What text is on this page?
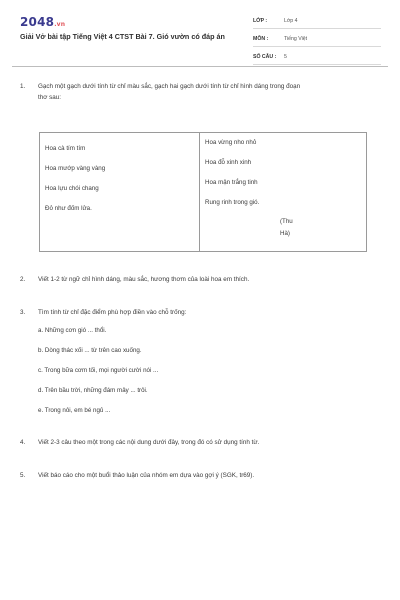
2048.vn
Giải Vở bài tập Tiếng Việt 4 CTST Bài 7. Gió vườn có đáp án
LỚP :	Lớp 4
MÔN :	Tiếng Việt
SỐ CÂU : 5
1. Gạch một gạch dưới tính từ chỉ màu sắc, gạch hai gạch dưới tính từ chỉ hình dáng trong đoạn
thơ sau:
Hoa cà tím tím
Hoa mướp vàng vàng
Hoa lựu chói chang
Đỏ như đốm lửa.
Hoa vừng nho nhỏ
Hoa đỗ xinh xinh
Hoa mận trắng tinh
Rung rinh trong gió.
(Thu
Hà)
2. Viết 1-2 từ ngữ chỉ hình dáng, màu sắc, hương thơm của loài hoa em thích.
3. Tìm tính từ chỉ đặc điểm phù hợp điền vào chỗ trống:
a. Những cơn gió ... thổi.
b. Dòng thác xối ... từ trên cao xuống.
c. Trong bữa cơm tối, mọi người cười nói ...
d. Trên bầu trời, những đám mây ... trôi.
e. Trong nôi, em bé ngủ ...
4. Viết 2-3 câu theo một trong các nội dung dưới đây, trong đó có sử dụng tính từ.
5. Viết báo cáo cho một buổi thảo luận của nhóm em dựa vào gợi ý (SGK, tr69).
